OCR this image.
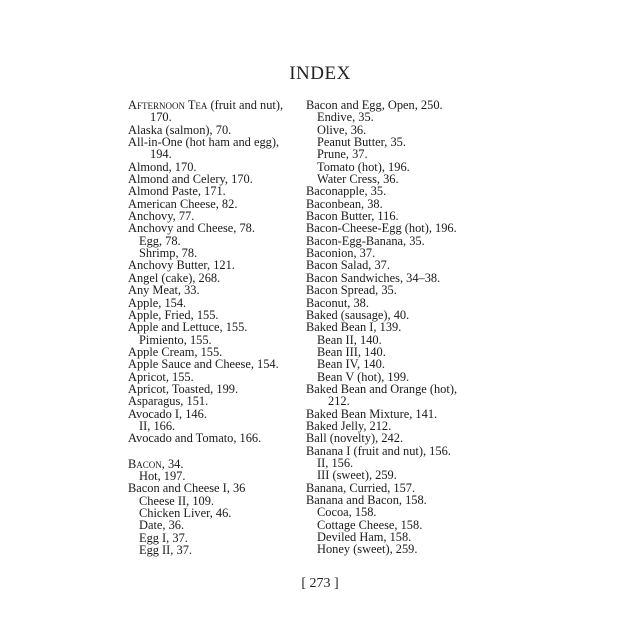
INDEX
Afternoon Tea (fruit and nut),
170.
Alaska (salmon), 70.
All-in-One (hot ham and egg),
194.
Almond, 170.
Almond and Celery, 170.
Almond Paste, 171.
American Cheese, 82.
Anchovy, 77.
Anchovy and Cheese, 78.
Egg, 78.
Shrimp, 78.
Anchovy Butter, 121.
Angel (cake), 268.
Any Meat, 33.
Apple, 154.
Apple, Fried, 155.
Apple and Lettuce, 155.
Pimiento, 155.
Apple Cream, 155.
Apple Sauce and Cheese, 154.
Apricot, 155.
Apricot, Toasted, 199.
Asparagus, 151.
Avocado I, 146.
II, 166.
Avocado and Tomato, 166.
Bacon, 34.
Hot, 197.
Bacon and Cheese I, 36
Cheese II, 109.
Chicken Liver, 46.
Date, 36.
Egg I, 37.
Egg II, 37.
Bacon and Egg, Open, 250.
Endive, 35.
Olive, 36.
Peanut Butter, 35.
Prune, 37.
Tomato (hot), 196.
Water Cress, 36.
Baconapple, 35.
Baconbean, 38.
Bacon Butter, 116.
Bacon-Cheese-Egg (hot), 196.
Bacon-Egg-Banana, 35.
Baconion, 37.
Bacon Salad, 37.
Bacon Sandwiches, 34–38.
Bacon Spread, 35.
Baconut, 38.
Baked (sausage), 40.
Baked Bean I, 139.
Bean II, 140.
Bean III, 140.
Bean IV, 140.
Bean V (hot), 199.
Baked Bean and Orange (hot),
212.
Baked Bean Mixture, 141.
Baked Jelly, 212.
Ball (novelty), 242.
Banana I (fruit and nut), 156.
II, 156.
III (sweet), 259.
Banana, Curried, 157.
Banana and Bacon, 158.
Cocoa, 158.
Cottage Cheese, 158.
Deviled Ham, 158.
Honey (sweet), 259.
[ 273 ]
